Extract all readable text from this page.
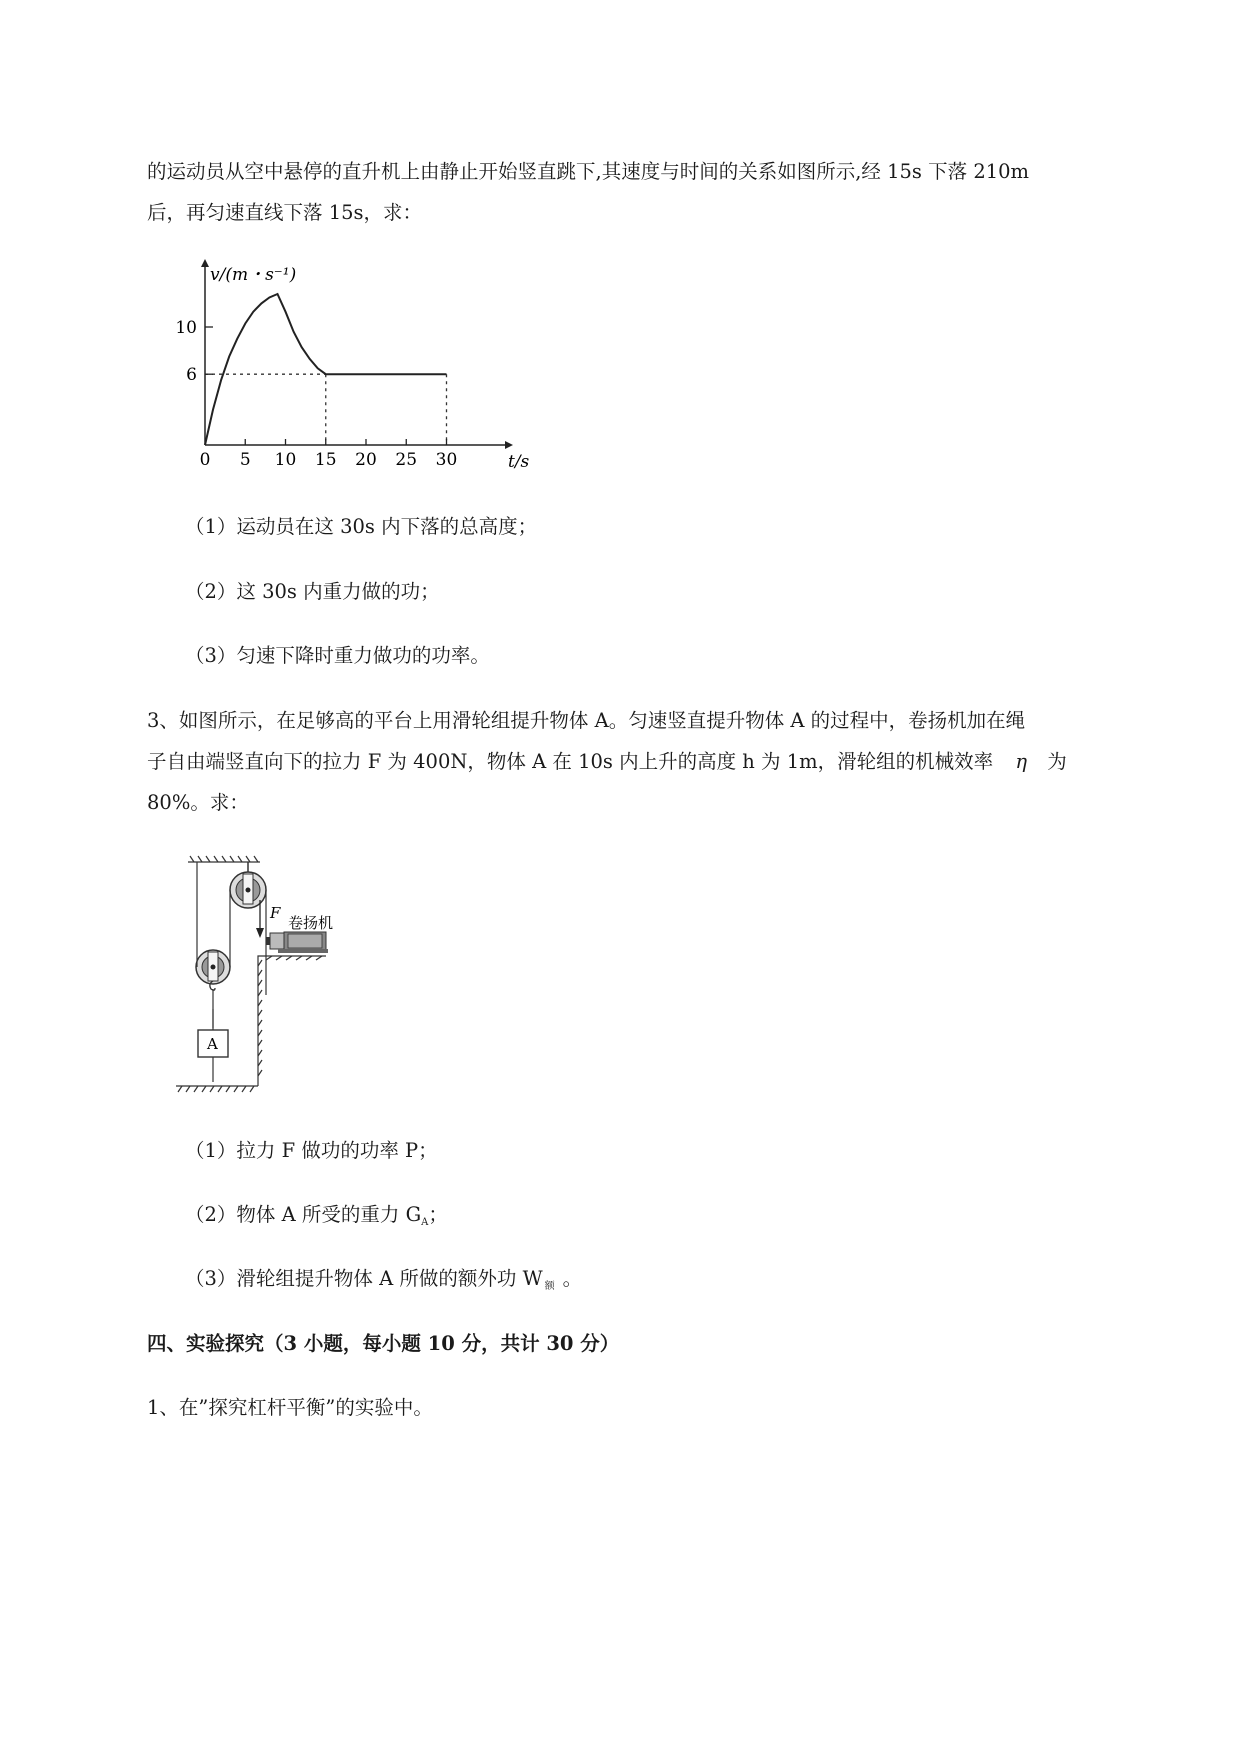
的运动员从空中悬停的直升机上由静止开始竖直跳下,其速度与时间的关系如图所示,经 15s 下落 210m
后，再匀速直线下落 15s，求：
0 5 10 15 20 25 30
6
10
v/(m・s⁻¹)
t/s
（1）运动员在这 30s 内下落的总高度；
（2）这 30s 内重力做的功；
（3）匀速下降时重力做功的功率。
3、如图所示，在足够高的平台上用滑轮组提升物体 A。匀速竖直提升物体 A 的过程中，卷扬机加在绳
子自由端竖直向下的拉力 F 为 400N，物体 A 在 10s 内上升的高度 h 为 1m，滑轮组的机械效率 η 为
80%。求：
F
卷扬机
A
（1）拉力 F 做功的功率 P；
（2）物体 A 所受的重力 $G_A$；
（3）滑轮组提升物体 A 所做的额外功 W $_额$ 。
四、实验探究（3 小题，每小题 10 分，共计 30 分）
1、在”探究杠杆平衡”的实验中。
